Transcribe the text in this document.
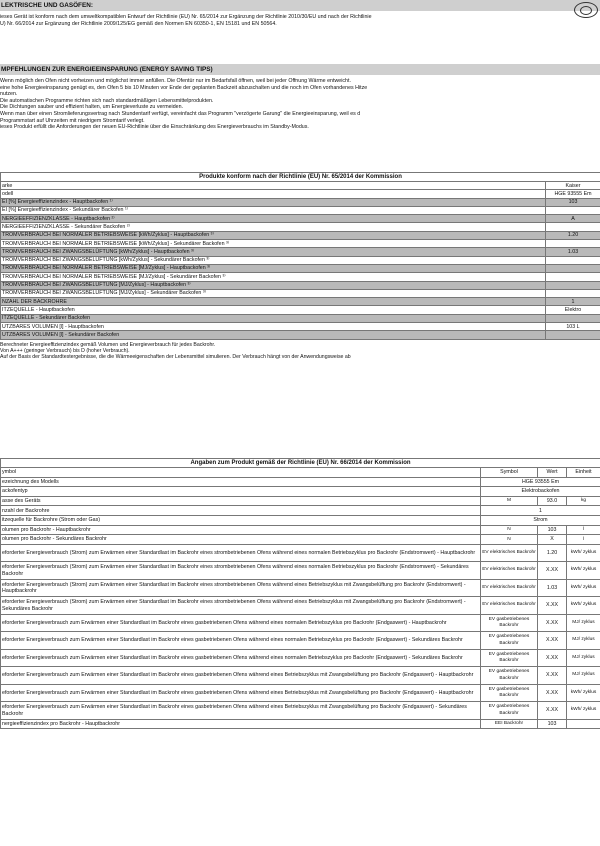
LEKTRISCHE UND GASÖFEN:
ieses Gerät ist konform nach dem umweltkompatiblen Entwurf der Richtlinie (EU) Nr. 65/2014 zur Ergänzung der Richtlinie 2010/30/EU und nach der Richtlinie
U) Nr. 66/2014 zur Ergänzung der Richtlinie 2009/125/EG gemäß den Normen EN 60350-1, EN 15181 und EN 50564.
MPFEHLUNGEN ZUR ENERGIEEINSPARUNG (ENERGY SAVING TIPS)
Wenn möglich den Ofen nicht vorheizen und möglichst immer anfüllen. Die Ofentür nur im Bedarfsfall öffnen, weil bei jeder Öffnung Wärme entweicht.
eine hohe Energieeinsparung genügt es, den Ofen 5 bis 10 Minuten vor Ende der geplanten Backzeit abzuschalten und die noch im Ofen vorhandenes Hitze
nutzen.
Die automatischen Programme richten sich nach standardmäßigen Lebensmittelprodukten.
Die Dichtungen sauber und effizient halten, um Energieverluste zu vermeiden.
Wenn man über einen Stromlieferungsvertrag nach Stundentarif verfügt, vereinfacht das Programm "verzögerte Garung" die Energieeinsparung, weil es d
Programmstart auf Uhrzeiten mit niedrigem Stromtarif verlegt.
ieses Produkt erfüllt die Anforderungen der neuen EU-Richtlinie über die Einschränkung des Energieverbrauchs im Standby-Modus.
Produkte konform nach der Richtlinie (EU) Nr. 65/2014 der Kommission	
arke	Kaiser
odell	HGE 93555 Em
EI [%] Energieeffizienzindex - Hauptbackofen ¹⁾	103
EI [%] Energieeffizienzindex - Sekundärer Backofen ¹⁾	
NERGIEEFFIZIENZKLASSE - Hauptbackofen ²⁾	A
NERGIEEFFIZIENZKLASSE - Sekundärer Backofen ²⁾	
TROMVERBRAUCH BEI NORMALER BETRIEBSWEISE [kWh/Zyklus] - Hauptbackofen ³⁾	1.20
TROMVERBRAUCH BEI NORMALER BETRIEBSWEISE [kWh/Zyklus] - Sekundärer Backofen ³⁾	
TROMVERBRAUCH BEI ZWANGSBELÜFTUNG [kWh/Zyklus] - Hauptbackofen ³⁾	1.03
TROMVERBRAUCH BEI ZWANGSBELÜFTUNG [kWh/Zyklus] - Sekundärer Backofen ³⁾	
TROMVERBRAUCH BEI NORMALER BETRIEBSWEISE [MJ/Zyklus] - Hauptbackofen ³⁾	
TROMVERBRAUCH BEI NORMALER BETRIEBSWEISE [MJ/Zyklus] - Sekundärer Backofen ³⁾	
TROMVERBRAUCH BEI ZWANGSBELÜFTUNG [MJ/Zyklus] - Hauptbackofen ³⁾	
TROMVERBRAUCH BEI ZWANGSBELÜFTUNG [MJ/Zyklus] - Sekundärer Backofen ³⁾	
NZAHL DER BACKROHRE	1
ITZEQUELLE - Hauptbackofen	Elektro
ITZEQUELLE - Sekundärer Backofen	
UTZBARES VOLUMEN [l] - Hauptbackofen	103 L
UTZBARES VOLUMEN [l] - Sekundärer Backofen	
Berechneter Energieeffizienzindex gemäß Volumen und Energieverbrauch für jedes Backrohr.
Von A+++ (geringer Verbrauch) bis D (hoher Verbrauch).
Auf der Basis der Standardtestergebnisse, die die Wärmeeigenschaften der Lebensmittel simulieren. Der Verbrauch hängt von der Anwendungsweise ab
Angaben zum Produkt gemäß der Richtlinie (EU) Nr. 66/2014 der Kommission			
ymbol	Symbol	Wert	Einheit
ezeichnung des Modells	HGE 93555 Em		
ackofentyp	Elektrobackofen		
asse des Geräts	M	93.0	kg
nzahl der Backrohre	1		
itzequelle für Backrohre (Strom oder Gas)	Strom		
olumen pro Backrohr - Hauptbackrohr	N	103	l
olumen pro Backrohr - Sekundäres Backrohr	N	X	l
eforderter Energieverbrauch (Strom) zum Erwärmen einer Standardlast im Backrohr eines strombetriebenen Ofens während eines normalen Betriebszyklus pro Backrohr (Endstromwert) - Hauptbackrohr	EV elektrisches Backrohr	1.20	kWh/ zyklus
eforderter Energieverbrauch (Strom) zum Erwärmen einer Standardlast im Backrohr eines strombetriebenen Ofens während eines normalen Betriebszyklus pro Backrohr (Endstromwert) - Sekundäres Backrohr	EV elektrisches Backrohr	X.XX	kWh/ zyklus
eforderter Energieverbrauch (Strom) zum Erwärmen einer Standardlast im Backrohr eines strombetriebenen Ofens während eines Betriebszyklus mit Zwangsbelüftung pro Backrohr (Endstromwert) - Hauptbackrohr	EV elektrisches Backrohr	1.03	kWh/ zyklus
eforderter Energieverbrauch (Strom) zum Erwärmen einer Standardlast im Backrohr eines strombetriebenen Ofens während eines Betriebszyklus mit Zwangsbelüftung pro Backrohr (Endstromwert) - Sekundäres Backrohr	EV elektrisches Backrohr	X.XX	kWh/ zyklus
eforderter Energieverbrauch zum Erwärmen einer Standardlast im Backrohr eines gasbetriebenen Ofens während eines normalen Betriebszyklus pro Backrohr (Endgaswert) - Hauptbackrohr	EV gasbetriebenes Backrohr	X.XX	MJ/ zyklus
eforderter Energieverbrauch zum Erwärmen einer Standardlast im Backrohr eines gasbetriebenen Ofens während eines normalen Betriebszyklus pro Backrohr (Endgaswert) - Sekundäres Backrohr	EV gasbetriebenes Backrohr	X.XX	MJ/ zyklus
eforderter Energieverbrauch zum Erwärmen einer Standardlast im Backrohr eines gasbetriebenen Ofens während eines normalen Betriebszyklus pro Backrohr (Endgaswert) - Sekundäres Backrohr	EV gasbetriebenes Backrohr	X.XX	MJ/ zyklus
eforderter Energieverbrauch zum Erwärmen einer Standardlast im Backrohr eines gasbetriebenen Ofens während eines Betriebszyklus mit Zwangsbelüftung pro Backrohr (Endgaswert) - Hauptbackrohr	EV gasbetriebenes Backrohr	X.XX	MJ/ zyklus
eforderter Energieverbrauch zum Erwärmen einer Standardlast im Backrohr eines gasbetriebenen Ofens während eines Betriebszyklus mit Zwangsbelüftung pro Backrohr (Endgaswert) - Hauptbackrohr	EV gasbetriebenes Backrohr	X.XX	kWh/ zyklus
eforderter Energieverbrauch zum Erwärmen einer Standardlast im Backrohr eines gasbetriebenen Ofens während eines Betriebszyklus mit Zwangsbelüftung pro Backrohr (Endgaswert) - Sekundäres Backrohr	EV gasbetriebenes Backrohr	X.XX	kWh/ zyklus
nergieeffizienzindex pro Backrohr - Hauptbackrohr	EEI Backrohr	103	
